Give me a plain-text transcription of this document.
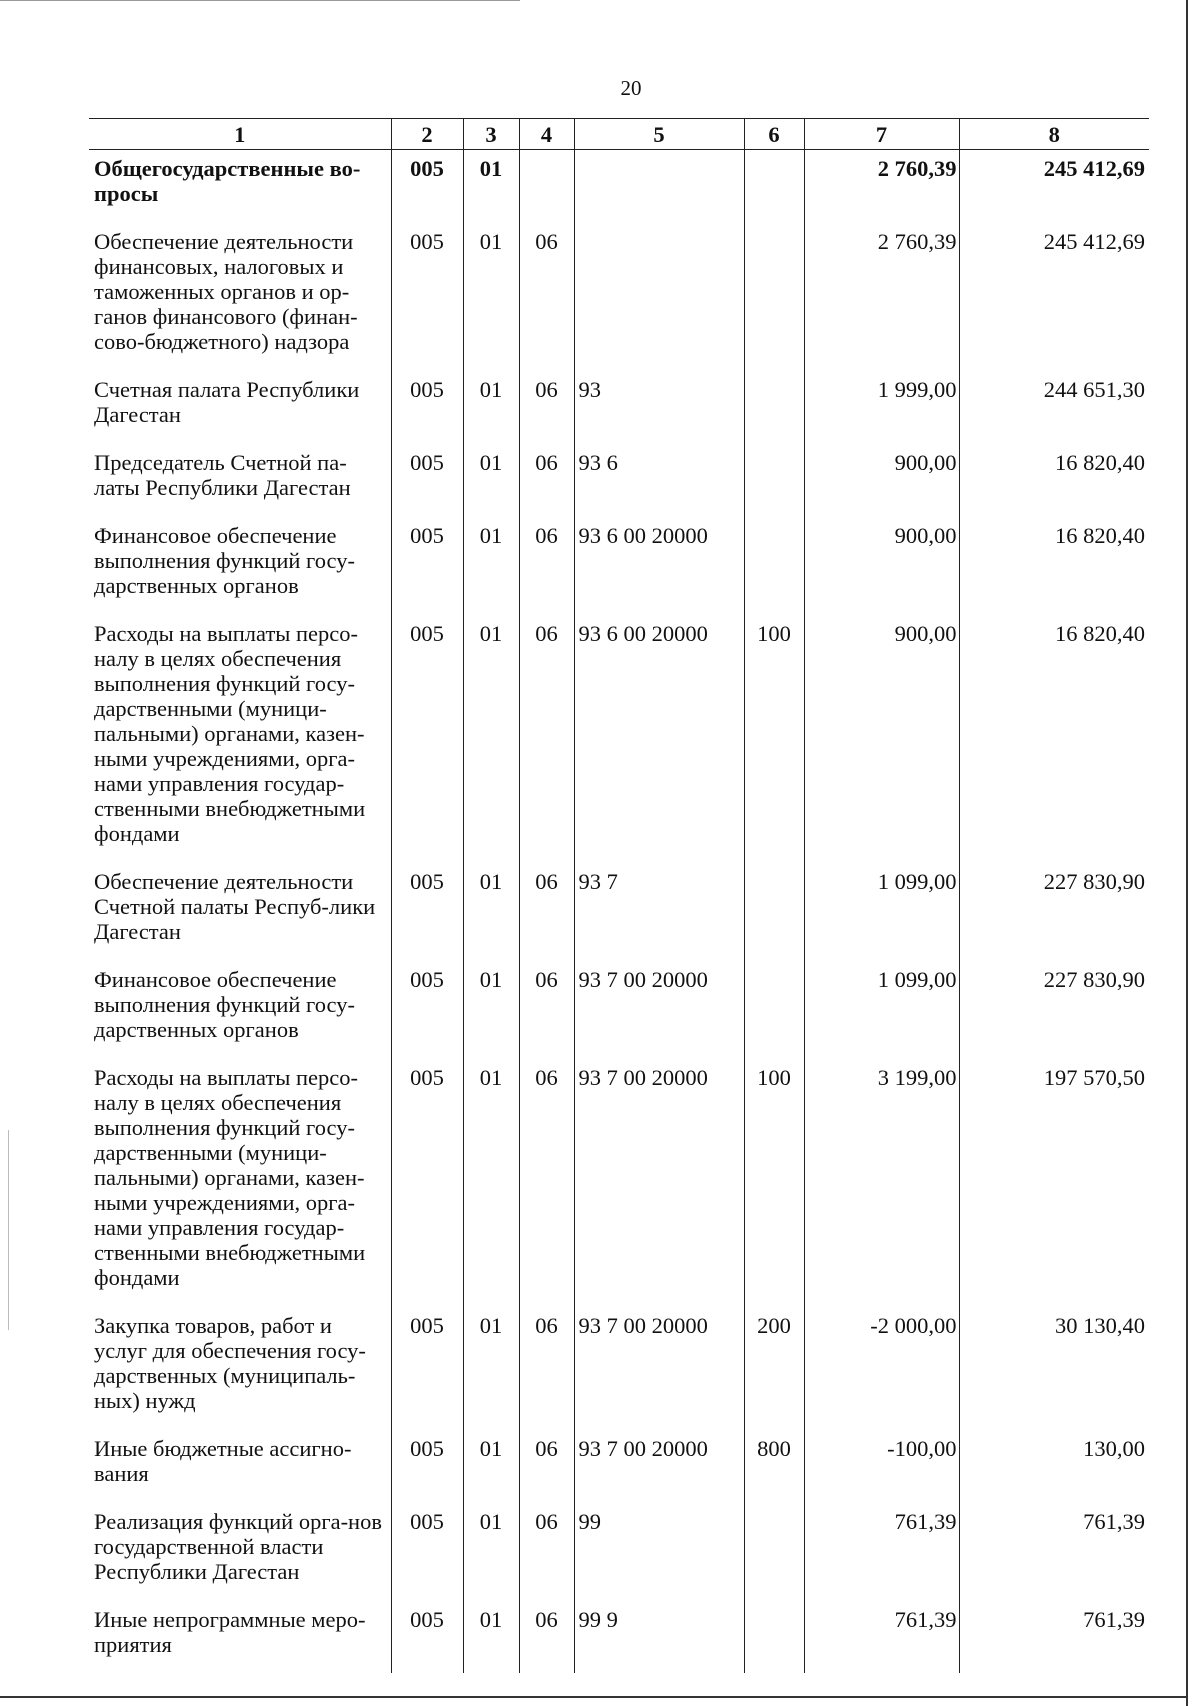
20
1	2	3	4	5	6	7	8
Общегосударственные во-просы	005	01				2 760,39	245 412,69
Обеспечение деятельности финансовых, налоговых и таможенных органов и ор-ганов финансового (финан-сово-бюджетного) надзора	005	01	06			2 760,39	245 412,69
Счетная палата Республики Дагестан	005	01	06	93		1 999,00	244 651,30
Председатель Счетной па-латы Республики Дагестан	005	01	06	93 6		900,00	16 820,40
Финансовое обеспечение выполнения функций госу-дарственных органов	005	01	06	93 6 00 20000		900,00	16 820,40
Расходы на выплаты персо-налу в целях обеспечения выполнения функций госу-дарственными (муници-пальными) органами, казен-ными учреждениями, орга-нами управления государ-ственными внебюджетными фондами	005	01	06	93 6 00 20000	100	900,00	16 820,40
Обеспечение деятельности Счетной палаты Респуб-лики Дагестан	005	01	06	93 7		1 099,00	227 830,90
Финансовое обеспечение выполнения функций госу-дарственных органов	005	01	06	93 7 00 20000		1 099,00	227 830,90
Расходы на выплаты персо-налу в целях обеспечения выполнения функций госу-дарственными (муници-пальными) органами, казен-ными учреждениями, орга-нами управления государ-ственными внебюджетными фондами	005	01	06	93 7 00 20000	100	3 199,00	197 570,50
Закупка товаров, работ и услуг для обеспечения госу-дарственных (муниципаль-ных) нужд	005	01	06	93 7 00 20000	200	-2 000,00	30 130,40
Иные бюджетные ассигно-вания	005	01	06	93 7 00 20000	800	-100,00	130,00
Реализация функций орга-нов государственной власти Республики Дагестан	005	01	06	99		761,39	761,39
Иные непрограммные меро-приятия	005	01	06	99 9		761,39	761,39
